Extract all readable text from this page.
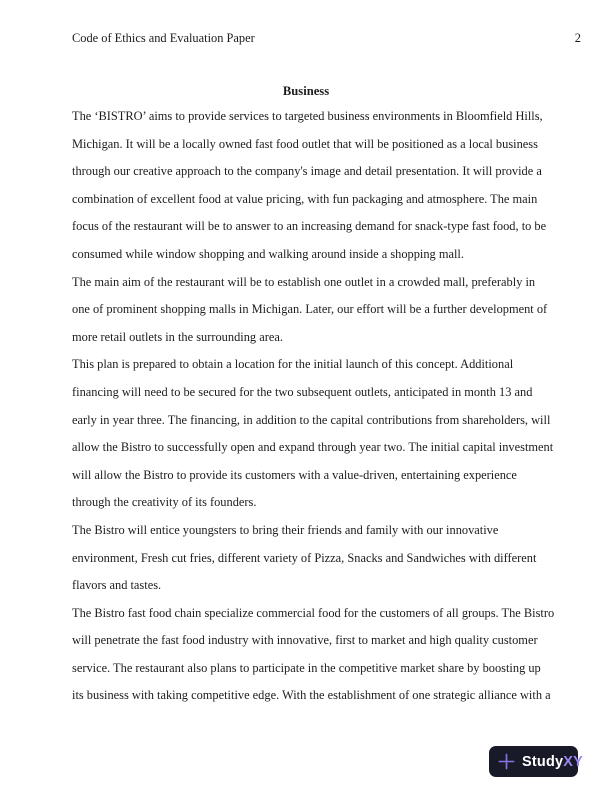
Code of Ethics and Evaluation Paper	2
Business
The ‘BISTRO’ aims to provide services to targeted business environments in Bloomfield Hills,
Michigan. It will be a locally owned fast food outlet that will be positioned as a local business
through our creative approach to the company's image and detail presentation. It will provide a
combination of excellent food at value pricing, with fun packaging and atmosphere. The main
focus of the restaurant will be to answer to an increasing demand for snack-type fast food, to be
consumed while window shopping and walking around inside a shopping mall.
The main aim of the restaurant will be to establish one outlet in a crowded mall, preferably in
one of prominent shopping malls in Michigan. Later, our effort will be a further development of
more retail outlets in the surrounding area.
This plan is prepared to obtain a location for the initial launch of this concept. Additional
financing will need to be secured for the two subsequent outlets, anticipated in month 13 and
early in year three. The financing, in addition to the capital contributions from shareholders, will
allow the Bistro to successfully open and expand through year two. The initial capital investment
will allow the Bistro to provide its customers with a value-driven, entertaining experience
through the creativity of its founders.
The Bistro will entice youngsters to bring their friends and family with our innovative
environment, Fresh cut fries, different variety of Pizza, Snacks and Sandwiches with different
flavors and tastes.
The Bistro fast food chain specialize commercial food for the customers of all groups. The Bistro
will penetrate the fast food industry with innovative, first to market and high quality customer
service. The restaurant also plans to participate in the competitive market share by boosting up
its business with taking competitive edge. With the establishment of one strategic alliance with a
Study XY
